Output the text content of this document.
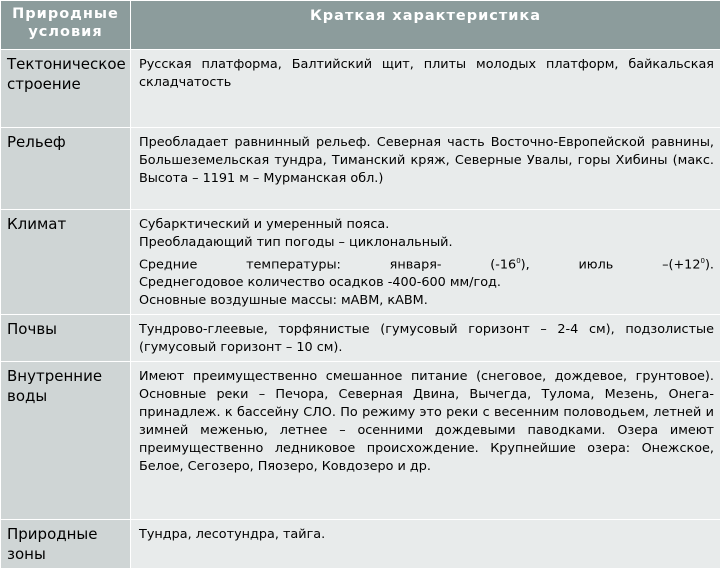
Природные условия	Краткая характеристика
Тектоническое строение	Русская платформа, Балтийский щит, плиты молодых платформ, байкальская складчатость
Рельеф	Преобладает равнинный рельеф. Северная часть Восточно-Европейской равнины, Большеземельская тундра, Тиманский кряж, Северные Увалы, горы Хибины (макс. Высота – 1191 м – Мурманская обл.)
Климат	Субарктический и умеренный пояса.
Преобладающий тип погоды – циклональный.
Средние температуры: января- $(-16^0)$, июль $-(+12^0)$.
Среднегодовое количество осадков -400-600 мм/год.
Основные воздушные массы: мАВМ, кАВМ.

Почвы	Тундрово-глеевые, торфянистые (гумусовый горизонт – 2-4 см), подзолистые (гумусовый горизонт – 10 см).
Внутренние воды	Имеют преимущественно смешанное питание (снеговое, дождевое, грунтовое). Основные реки – Печора, Северная Двина, Вычегда, Тулома, Мезень, Онега- принадлеж. к бассейну СЛО. По режиму это реки с весенним половодьем, летней и зимней меженью, летнее – осенними дождевыми паводками. Озера имеют преимущественно ледниковое происхождение. Крупнейшие озера: Онежское, Белое, Сегозеро, Пяозеро, Ковдозеро и др.
Природные зоны	Тундра, лесотундра, тайга.
